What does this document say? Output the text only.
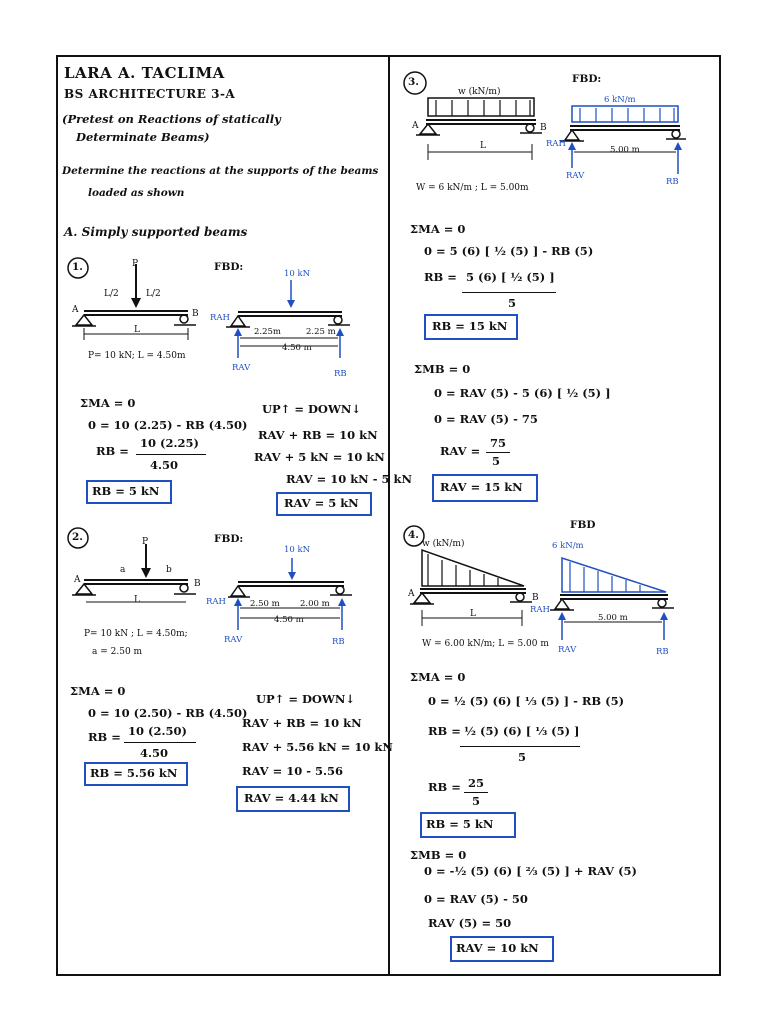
LARA A. TACLIMA
BS ARCHITECTURE 3-A
(Pretest on Reactions of statically
Determinate Beams)
Determine the reactions at the supports of the beams
loaded as shown
A. Simply supported beams
1.	P
L/2	L/2
A	B
L
P= 10 kN; L = 4.50m
FBD:
10 kN
RAH
2.25m	2.25 m
4.50 m
RAV
RB
ΣMA = 0
0 = 10 (2.25) - RB (4.50)
RB =
10 (2.25)
4.50
RB = 5 kN
UP↑ = DOWN↓
RAV + RB = 10 kN
RAV + 5 kN = 10 kN
RAV = 10 kN - 5 kN
RAV = 5 kN
2.	P
a	b
A	B
L
P= 10 kN ; L = 4.50m;
a = 2.50 m
FBD:
10 kN
RAH	2.50 m 2.00 m
4.50 m
RAV	RB
ΣMA = 0
0 = 10 (2.50) - RB (4.50)
RB = 10 (2.50)
4.50
RB = 5.56 kN
UP↑ = DOWN↓
RAV + RB = 10 kN
RAV + 5.56 kN = 10 kN
RAV = 10 - 5.56
RAV = 4.44 kN
3.
w (kN/m)
A	B
L
W = 6 kN/m ; L = 5.00m
FBD:
6 kN/m
RAH
5.00 m
RAV
RB
ΣMA = 0
0 = 5 (6) [ ½ (5) ] - RB (5)
RB = 5 (6) [ ½ (5) ]
5
RB = 15 kN
ΣMB = 0
0 = RAV (5) - 5 (6) [ ½ (5) ]
0 = RAV (5) - 75
RAV =
75
5
RAV = 15 kN
4.
w (kN/m)
A	B
L
W = 6.00 kN/m; L = 5.00 m
FBD
6 kN/m
RAH
5.00 m
RAV	RB
ΣMA = 0
0 = ½ (5) (6) [ ⅓ (5) ] - RB (5)
RB = ½ (5) (6) [ ⅓ (5) ]
5
RB = 25
5
RB = 5 kN
ΣMB = 0
0 = -½ (5) (6) [ ⅔ (5) ] + RAV (5)
0 = RAV (5) - 50
RAV (5) = 50
RAV = 10 kN
